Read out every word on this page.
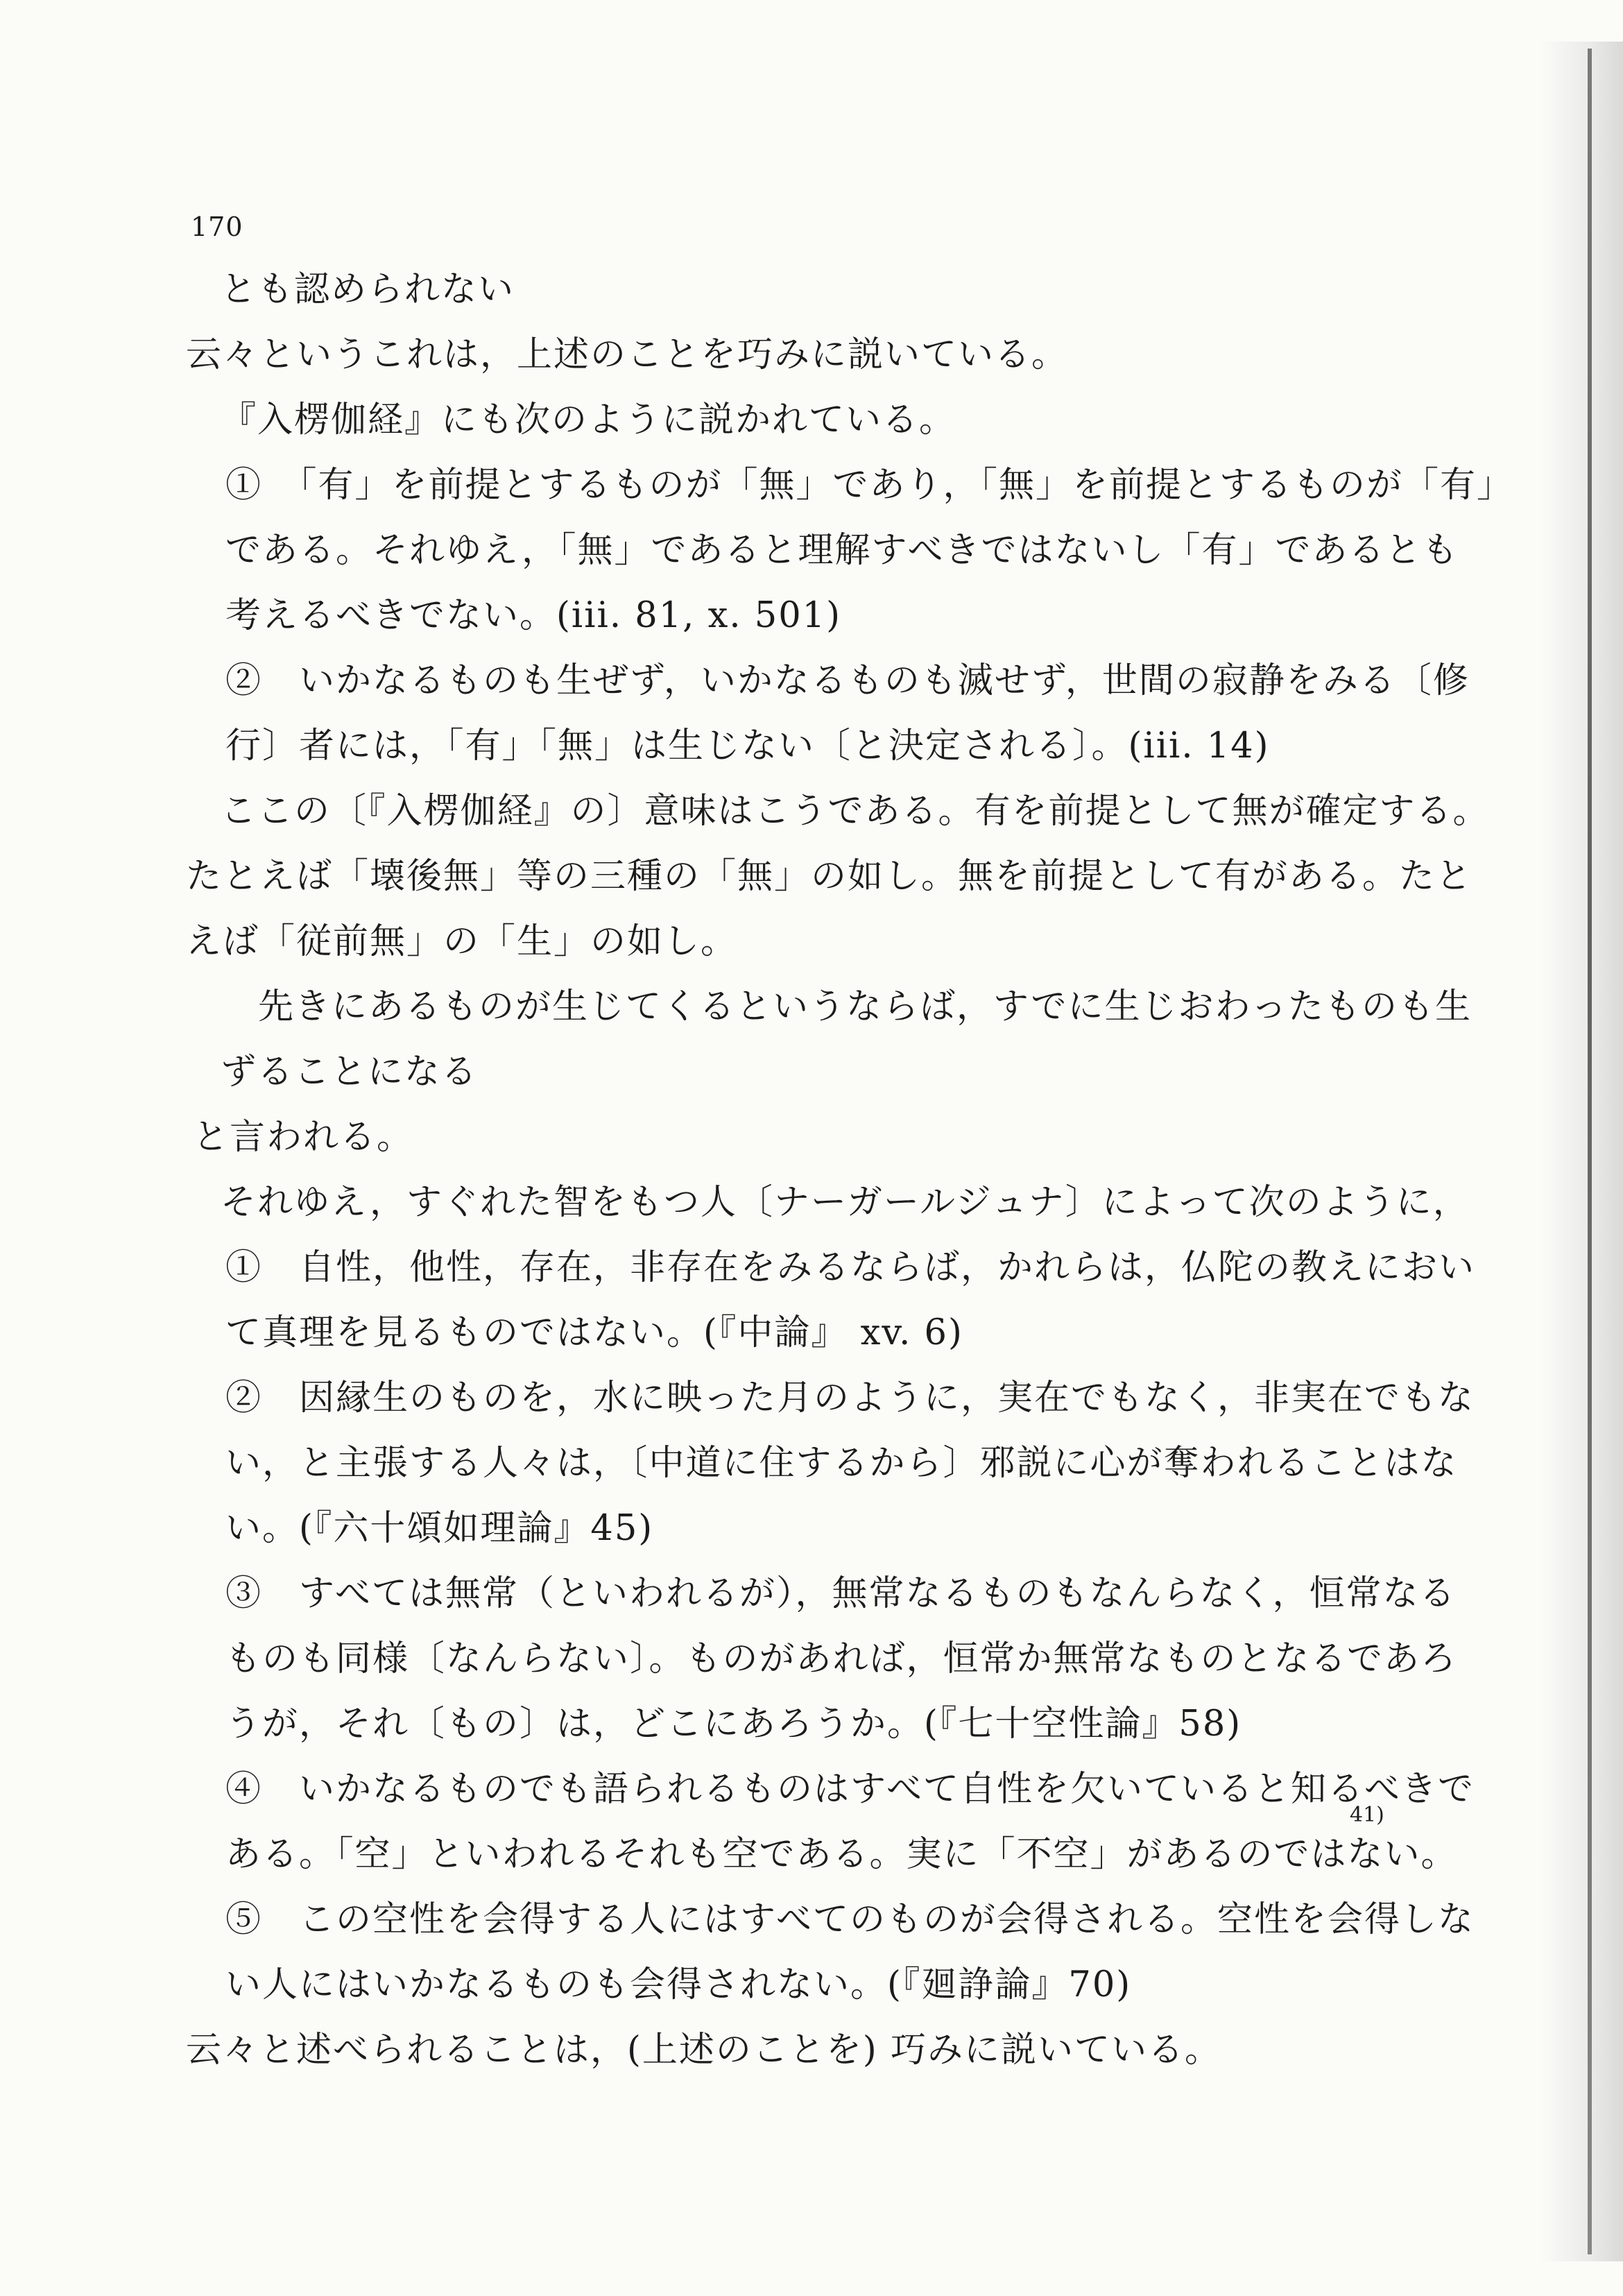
170
とも認められない
云々というこれは，上述のことを巧みに説いている。
『入楞伽経』にも次のように説かれている。
①　「有」を前提とするものが「無」であり，「無」を前提とするものが「有」
である。それゆえ，「無」であると理解すべきではないし「有」であるとも
考えるべきでない。(iii. 81, x. 501)
②　いかなるものも生ぜず，いかなるものも滅せず，世間の寂静をみる〔修
行〕者には，「有」「無」は生じない〔と決定される〕。(iii. 14)
ここの〔『入楞伽経』の〕意味はこうである。有を前提として無が確定する。
たとえば「壊後無」等の三種の「無」の如し。無を前提として有がある。たと
えば「従前無」の「生」の如し。
先きにあるものが生じてくるというならば，すでに生じおわったものも生
ずることになる
と言われる。
それゆえ，すぐれた智をもつ人〔ナーガールジュナ〕によって次のように，
①　自性，他性，存在，非存在をみるならば，かれらは，仏陀の教えにおい
て真理を見るものではない。(『中論』 xv. 6)
②　因縁生のものを，水に映った月のように，実在でもなく，非実在でもな
い，と主張する人々は，〔中道に住するから〕邪説に心が奪われることはな
い。(『六十頌如理論』45)
③　すべては無常（といわれるが），無常なるものもなんらなく，恒常なる
ものも同様〔なんらない〕。ものがあれば，恒常か無常なものとなるであろ
うが，それ〔もの〕は，どこにあろうか。(『七十空性論』58)
④　いかなるものでも語られるものはすべて自性を欠いていると知るべきで
41)
ある。「空」といわれるそれも空である。実に「不空」があるのではない。
⑤　この空性を会得する人にはすべてのものが会得される。空性を会得しな
い人にはいかなるものも会得されない。(『廻諍論』70)
云々と述べられることは，(上述のことを) 巧みに説いている。
